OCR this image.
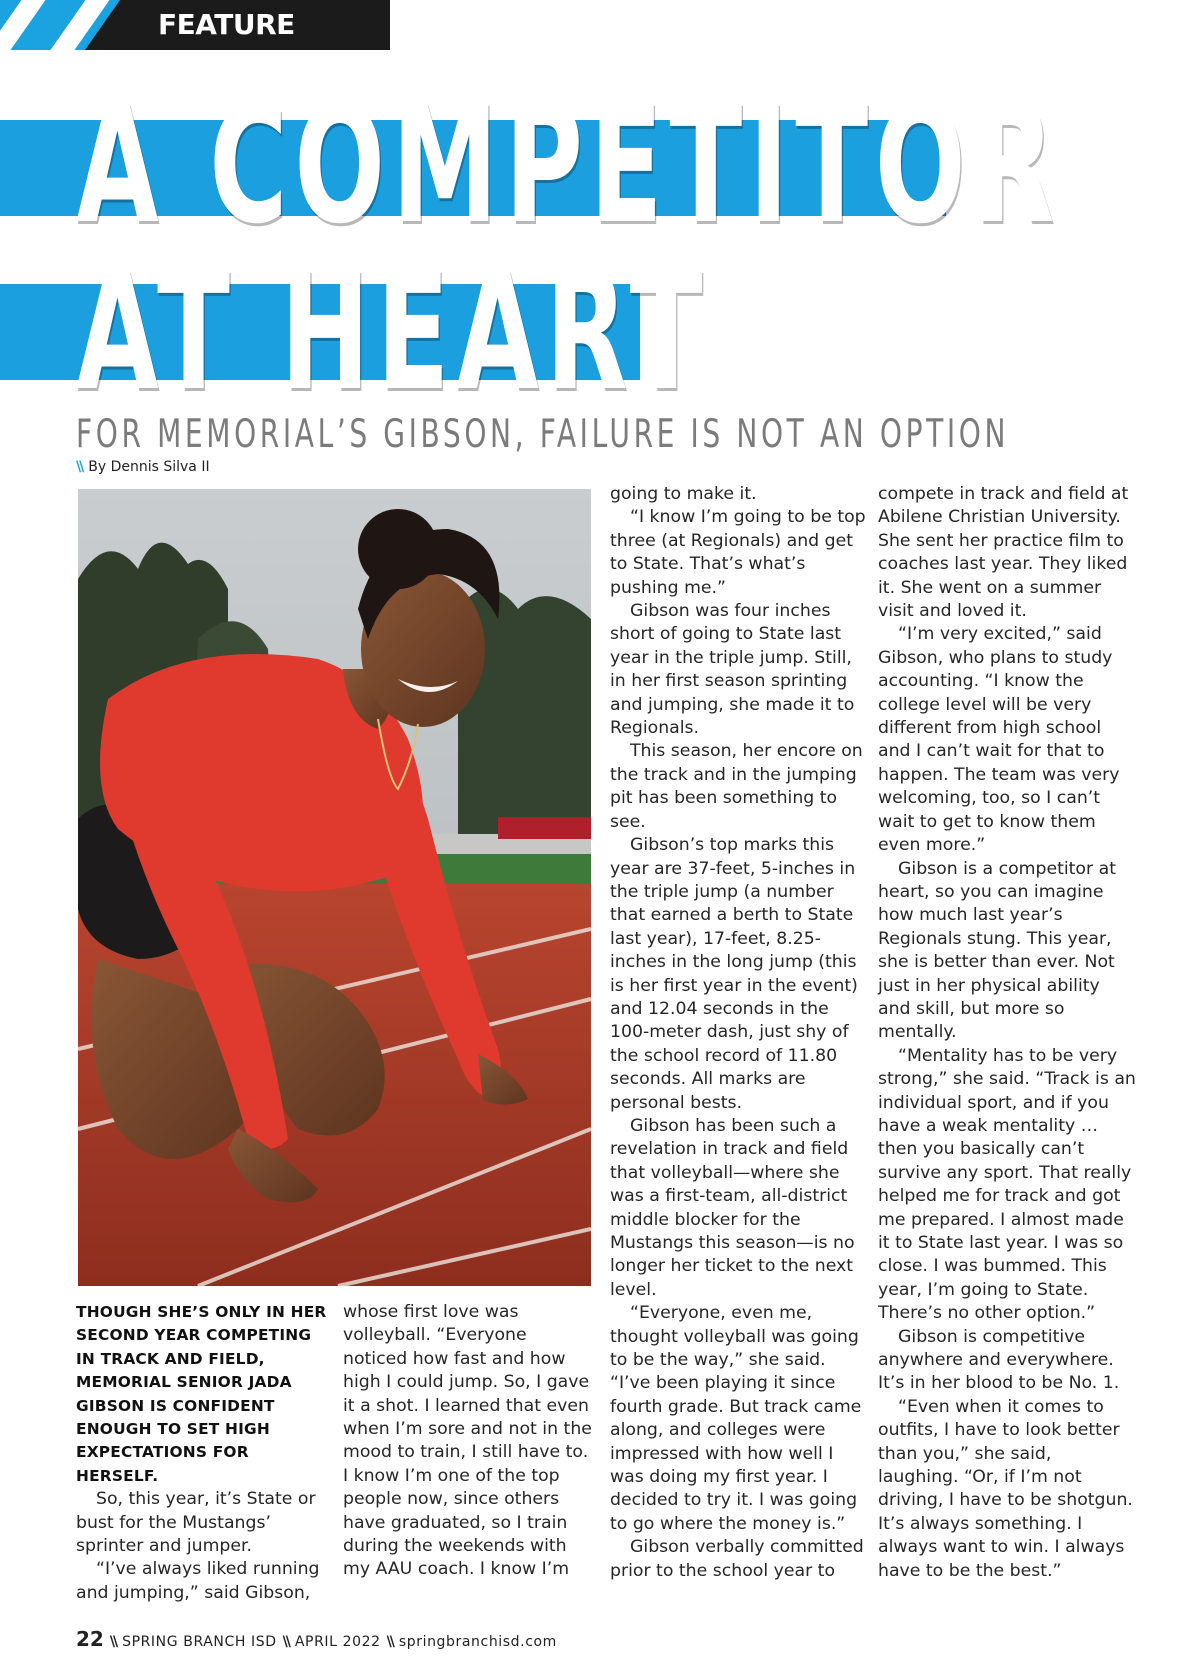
FEATURE
A COMPETITOR
AT HEART
FOR MEMORIAL’S GIBSON, FAILURE IS NOT AN OPTION
\\ By Dennis Silva II

THOUGH SHE’S ONLY IN HER SECOND YEAR COMPETING IN TRACK AND FIELD, MEMORIAL SENIOR JADA GIBSON IS CONFIDENT ENOUGH TO SET HIGH EXPECTATIONS FOR HERSELF.

So, this year, it’s State or bust for the Mustangs’ sprinter and jumper.

“I’ve always liked running and jumping,” said Gibson,

whose first love was volleyball. “Everyone noticed how fast and how high I could jump. So, I gave it a shot. I learned that even when I’m sore and not in the mood to train, I still have to. I know I’m one of the top people now, since others have graduated, so I train during the weekends with my AAU coach. I know I’m

going to make it.

“I know I’m going to be top three (at Regionals) and get to State. That’s what’s pushing me.”

Gibson was four inches short of going to State last year in the triple jump. Still, in her first season sprinting and jumping, she made it to Regionals.

This season, her encore on the track and in the jumping pit has been something to see.

Gibson’s top marks this year are 37-feet, 5-inches in the triple jump (a number that earned a berth to State last year), 17-feet, 8.25-inches in the long jump (this is her first year in the event) and 12.04 seconds in the 100-meter dash, just shy of the school record of 11.80 seconds. All marks are personal bests.

Gibson has been such a revelation in track and field that volleyball—where she was a first-team, all-district middle blocker for the Mustangs this season—is no longer her ticket to the next level.

“Everyone, even me, thought volleyball was going to be the way,” she said. “I’ve been playing it since fourth grade. But track came along, and colleges were impressed with how well I was doing my first year. I decided to try it. I was going to go where the money is.”

Gibson verbally committed prior to the school year to

compete in track and field at Abilene Christian University. She sent her practice film to coaches last year. They liked it. She went on a summer visit and loved it.

“I’m very excited,” said Gibson, who plans to study accounting. “I know the college level will be very different from high school and I can’t wait for that to happen. The team was very welcoming, too, so I can’t wait to get to know them even more.”

Gibson is a competitor at heart, so you can imagine how much last year’s Regionals stung. This year, she is better than ever. Not just in her physical ability and skill, but more so mentally.

“Mentality has to be very strong,” she said. “Track is an individual sport, and if you have a weak mentality … then you basically can’t survive any sport. That really helped me for track and got me prepared. I almost made it to State last year. I was so close. I was bummed. This year, I’m going to State. There’s no other option.”

Gibson is competitive anywhere and everywhere. It’s in her blood to be No. 1.

“Even when it comes to outfits, I have to look better than you,” she said, laughing. “Or, if I’m not driving, I have to be shotgun. It’s always something. I always want to win. I always have to be the best.”

22 \\ SPRING BRANCH ISD \\ APRIL 2022 \\ springbranchisd.com
